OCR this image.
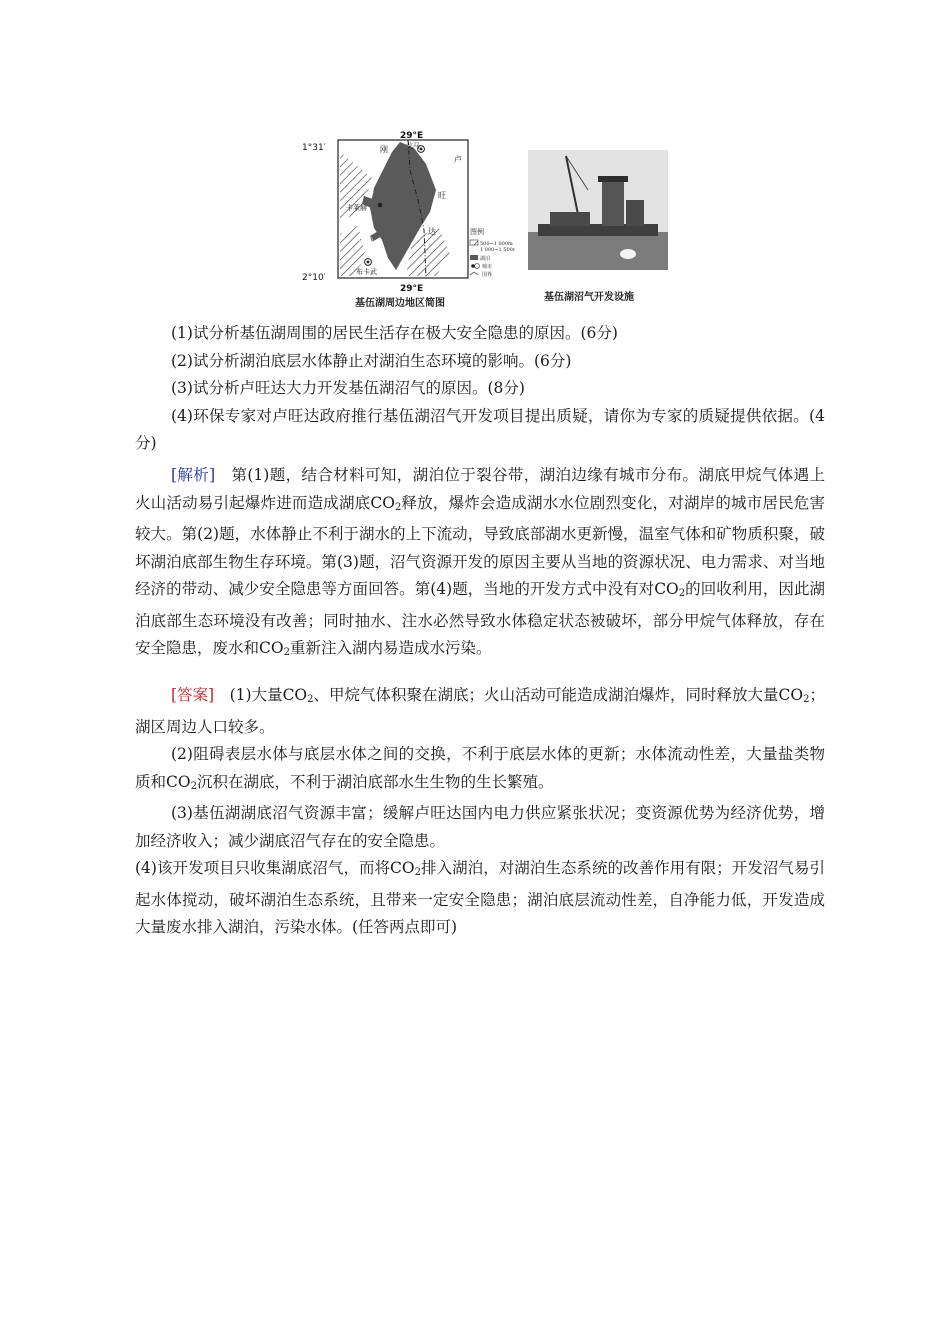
1°31′
2°10′
29°E
29°E
刚
果
（金）
卢
旺
达
戈马
卡莱赫
布卡武
图例
500~1 000m
1 000~1 500m
湖泊
城市
国界
基伍湖周边地区简图
基伍湖沼气开发设施

(1)试分析基伍湖周围的居民生活存在极大安全隐患的原因。(6分)

(2)试分析湖泊底层水体静止对湖泊生态环境的影响。(6分)

(3)试分析卢旺达大力开发基伍湖沼气的原因。(8分)

(4)环保专家对卢旺达政府推行基伍湖沼气开发项目提出质疑，请你为专家的质疑提供依据。(4分)

[解析]　第(1)题，结合材料可知，湖泊位于裂谷带，湖泊边缘有城市分布。湖底甲烷气体遇上火山活动易引起爆炸进而造成湖底$CO_2$释放，爆炸会造成湖水水位剧烈变化，对湖岸的城市居民危害较大。第(2)题，水体静止不利于湖水的上下流动，导致底部湖水更新慢，温室气体和矿物质积聚，破坏湖泊底部生物生存环境。第(3)题，沼气资源开发的原因主要从当地的资源状况、电力需求、对当地经济的带动、减少安全隐患等方面回答。第(4)题，当地的开发方式中没有对$CO_2$的回收利用，因此湖泊底部生态环境没有改善；同时抽水、注水必然导致水体稳定状态被破坏，部分甲烷气体释放，存在安全隐患，废水和$CO_2$重新注入湖内易造成水污染。

[答案]　(1)大量$CO_2$、甲烷气体积聚在湖底；火山活动可能造成湖泊爆炸，同时释放大量$CO_2$；湖区周边人口较多。

(2)阻碍表层水体与底层水体之间的交换，不利于底层水体的更新；水体流动性差，大量盐类物质和$CO_2$沉积在湖底，不利于湖泊底部水生生物的生长繁殖。

(3)基伍湖湖底沼气资源丰富；缓解卢旺达国内电力供应紧张状况；变资源优势为经济优势，增加经济收入；减少湖底沼气存在的安全隐患。

(4)该开发项目只收集湖底沼气，而将$CO_2$排入湖泊，对湖泊生态系统的改善作用有限；开发沼气易引起水体搅动，破坏湖泊生态系统，且带来一定安全隐患；湖泊底层流动性差，自净能力低，开发造成大量废水排入湖泊，污染水体。(任答两点即可)
